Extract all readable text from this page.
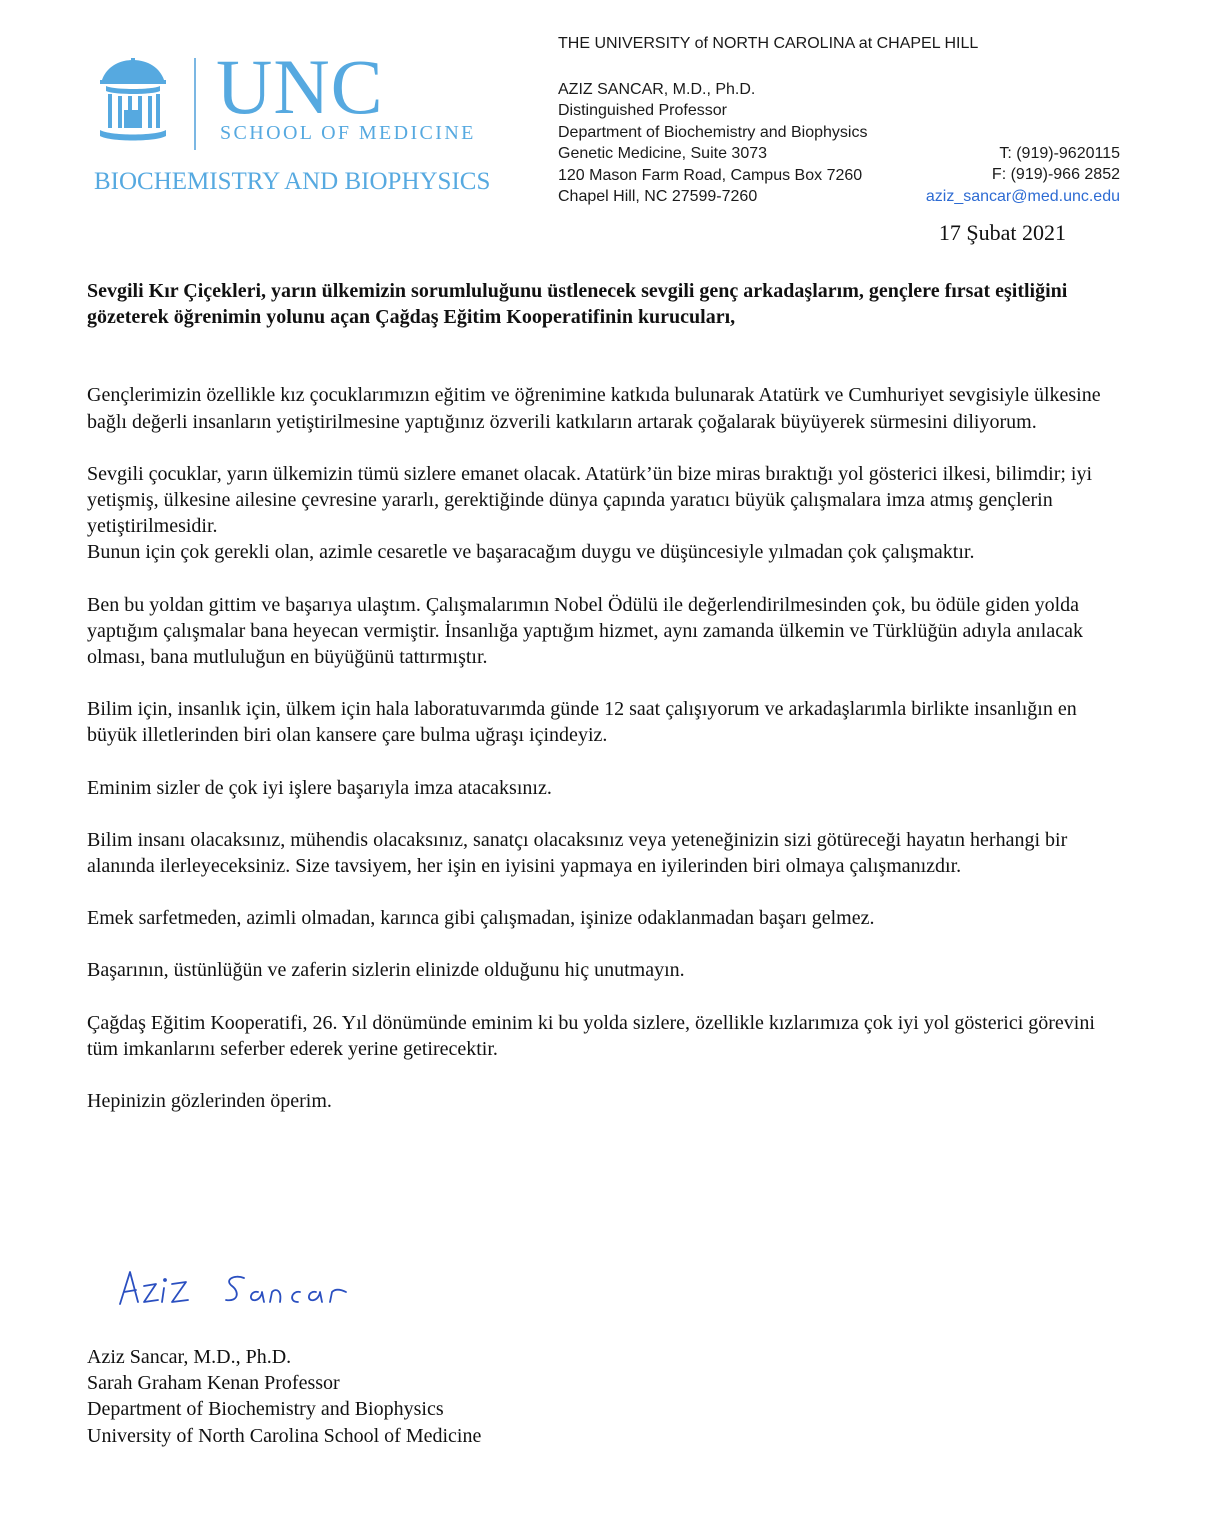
UNC
SCHOOL OF MEDICINE
BIOCHEMISTRY AND BIOPHYSICS
THE UNIVERSITY of NORTH CAROLINA at CHAPEL HILL
AZIZ SANCAR, M.D., Ph.D.
Distinguished Professor
Department of Biochemistry and Biophysics
Genetic Medicine, Suite 3073
120 Mason Farm Road, Campus Box 7260
Chapel Hill, NC 27599-7260
T: (919)-9620115
F: (919)-966 2852
aziz_sancar@med.unc.edu
17 Şubat 2021

Sevgili Kır Çiçekleri, yarın ülkemizin sorumluluğunu üstlenecek sevgili genç arkadaşlarım, gençlere fırsat eşitliğini gözeterek öğrenimin yolunu açan Çağdaş Eğitim Kooperatifinin kurucuları,

Gençlerimizin özellikle kız çocuklarımızın eğitim ve öğrenimine katkıda bulunarak Atatürk ve Cumhuriyet sevgisiyle ülkesine bağlı değerli insanların yetiştirilmesine yaptığınız özverili katkıların artarak çoğalarak büyüyerek sürmesini diliyorum.

Sevgili çocuklar, yarın ülkemizin tümü sizlere emanet olacak. Atatürk’ün bize miras bıraktığı yol gösterici ilkesi, bilimdir; iyi yetişmiş, ülkesine ailesine çevresine yararlı, gerektiğinde dünya çapında yaratıcı büyük çalışmalara imza atmış gençlerin yetiştirilmesidir.

Bunun için çok gerekli olan, azimle cesaretle ve başaracağım duygu ve düşüncesiyle yılmadan çok çalışmaktır.

Ben bu yoldan gittim ve başarıya ulaştım. Çalışmalarımın Nobel Ödülü ile değerlendirilmesinden çok, bu ödüle giden yolda yaptığım çalışmalar bana heyecan vermiştir. İnsanlığa yaptığım hizmet, aynı zamanda ülkemin ve Türklüğün adıyla anılacak olması, bana mutluluğun en büyüğünü tattırmıştır.

Bilim için, insanlık için, ülkem için hala laboratuvarımda günde 12 saat çalışıyorum ve arkadaşlarımla birlikte insanlığın en büyük illetlerinden biri olan kansere çare bulma uğraşı içindeyiz.

Eminim sizler de çok iyi işlere başarıyla imza atacaksınız.

Bilim insanı olacaksınız, mühendis olacaksınız, sanatçı olacaksınız veya yeteneğinizin sizi götüreceği hayatın herhangi bir alanında ilerleyeceksiniz. Size tavsiyem, her işin en iyisini yapmaya en iyilerinden biri olmaya çalışmanızdır.

Emek sarfetmeden, azimli olmadan, karınca gibi çalışmadan, işinize odaklanmadan başarı gelmez.

Başarının, üstünlüğün ve zaferin sizlerin elinizde olduğunu hiç unutmayın.

Çağdaş Eğitim Kooperatifi, 26. Yıl dönümünde eminim ki bu yolda sizlere, özellikle kızlarımıza çok iyi yol gösterici görevini tüm imkanlarını seferber ederek yerine getirecektir.

Hepinizin gözlerinden öperim.

Aziz Sancar, M.D., Ph.D.
Sarah Graham Kenan Professor
Department of Biochemistry and Biophysics
University of North Carolina School of Medicine
